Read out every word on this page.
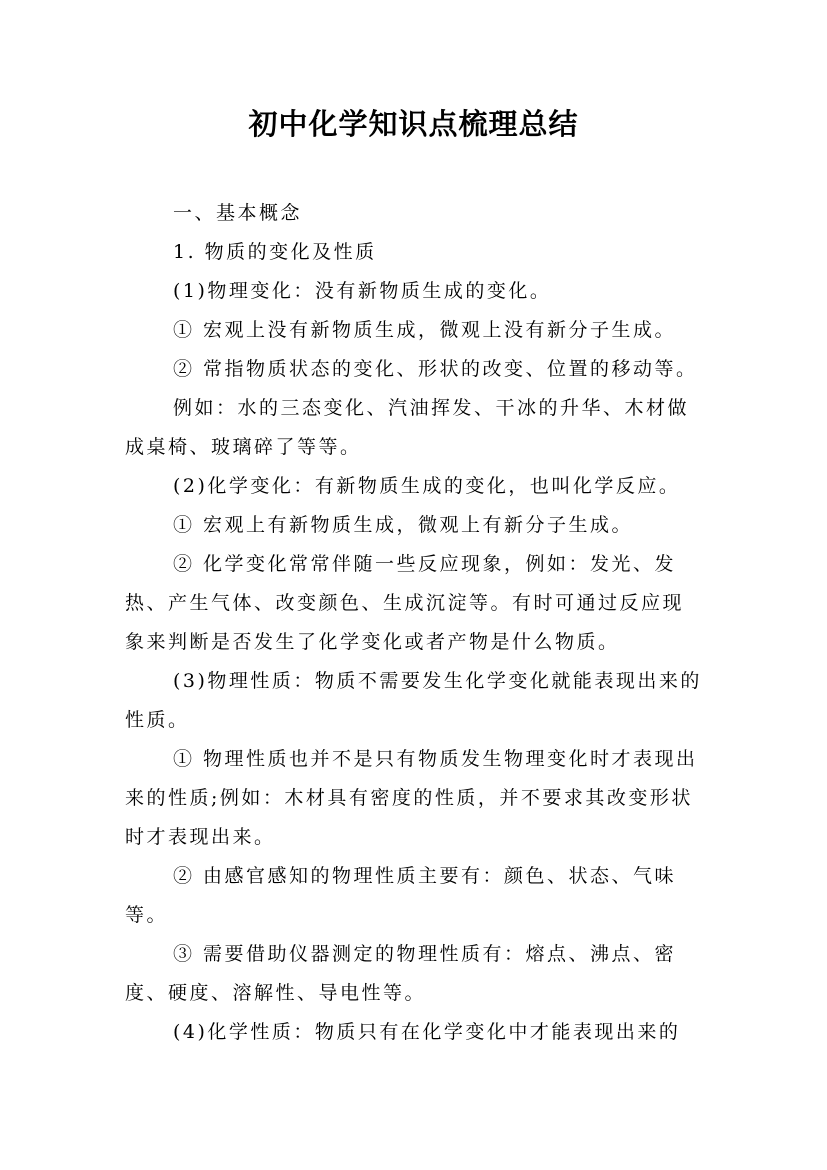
初中化学知识点梳理总结

一、基本概念

1. 物质的变化及性质

(1)物理变化：没有新物质生成的变化。

① 宏观上没有新物质生成，微观上没有新分子生成。

② 常指物质状态的变化、形状的改变、位置的移动等。

例如：水的三态变化、汽油挥发、干冰的升华、木材做成桌椅、玻璃碎了等等。

(2)化学变化：有新物质生成的变化，也叫化学反应。

① 宏观上有新物质生成，微观上有新分子生成。

② 化学变化常常伴随一些反应现象，例如：发光、发热、产生气体、改变颜色、生成沉淀等。有时可通过反应现象来判断是否发生了化学变化或者产物是什么物质。

(3)物理性质：物质不需要发生化学变化就能表现出来的性质。

① 物理性质也并不是只有物质发生物理变化时才表现出来的性质;例如：木材具有密度的性质，并不要求其改变形状时才表现出来。

② 由感官感知的物理性质主要有：颜色、状态、气味等。

③ 需要借助仪器测定的物理性质有：熔点、沸点、密度、硬度、溶解性、导电性等。

(4)化学性质：物质只有在化学变化中才能表现出来的
